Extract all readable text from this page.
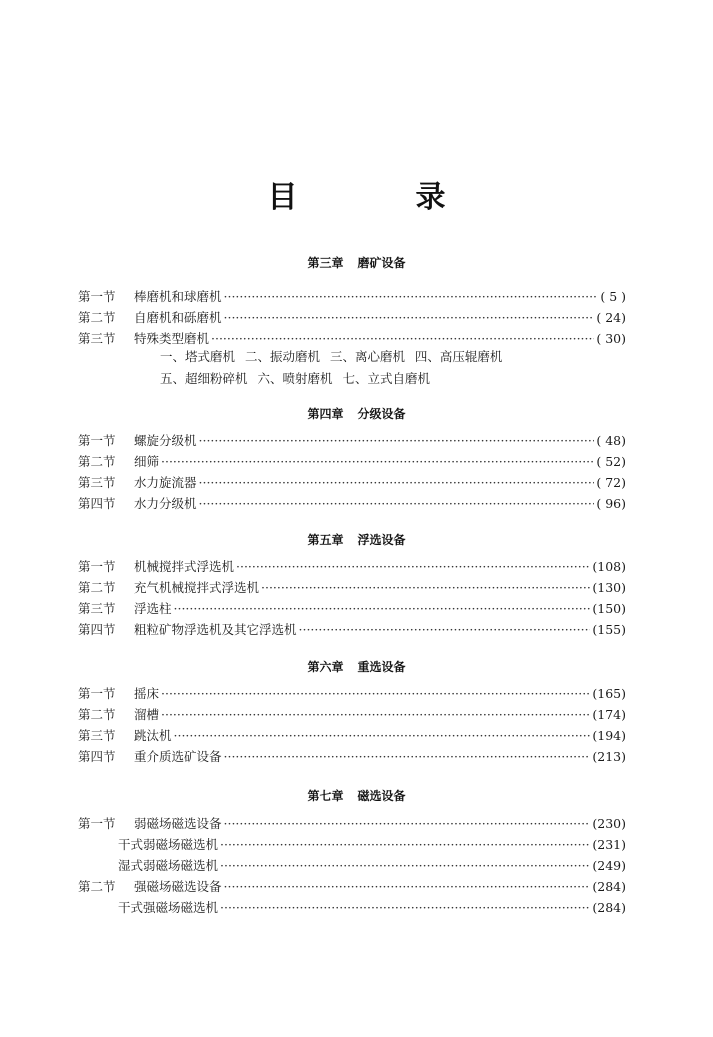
目　录
第三章 磨矿设备
第一节	棒磨机和球磨机 ·····	( 5 )
第二节	自磨机和砾磨机 ·····	( 24)
第三节	特殊类型磨机 ·····	( 30)
一、塔式磨机 二、振动磨机 三、离心磨机 四、高压辊磨机
五、超细粉碎机 六、喷射磨机 七、立式自磨机
第四章 分级设备
第一节	螺旋分级机 ·····	( 48)
第二节	细筛 ·····	( 52)
第三节	水力旋流器 ·····	( 72)
第四节	水力分级机 ·····	( 96)
第五章 浮选设备
第一节	机械搅拌式浮选机 ·····	(108)
第二节	充气机械搅拌式浮选机 ·····	(130)
第三节	浮选柱 ·····	(150)
第四节	粗粒矿物浮选机及其它浮选机 ·····	(155)
第六章 重选设备
第一节	摇床 ·····	(165)
第二节	溜槽 ·····	(174)
第三节	跳汰机 ·····	(194)
第四节	重介质选矿设备 ·····	(213)
第七章 磁选设备
第一节	弱磁场磁选设备 ·····	(230)
干式弱磁场磁选机 ·····	(231)
湿式弱磁场磁选机 ·····	(249)
第二节	强磁场磁选设备 ·····	(284)
干式强磁场磁选机 ·····	(284)
